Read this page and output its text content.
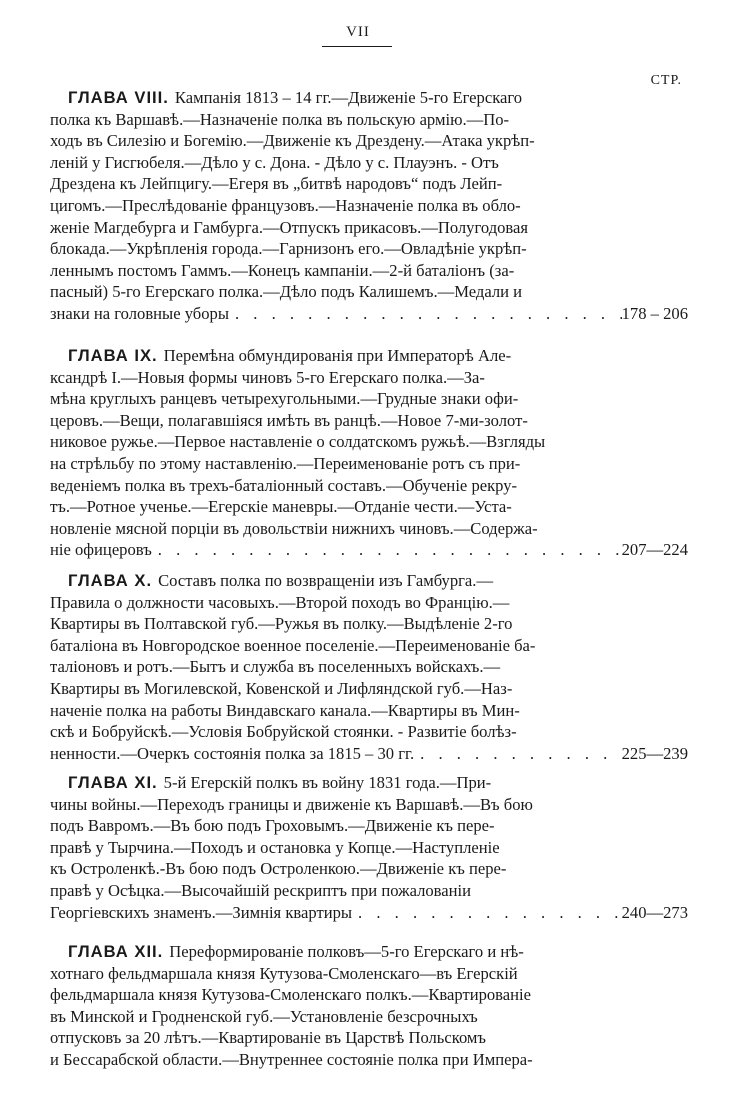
VII
СТР.
ГЛАВА VIII. Кампанія 1813 – 14 гг.—Движеніе 5-го Егерскаго
полка къ Варшавѣ.—Назначеніе полка въ польскую армію.—По-
ходъ въ Силезію и Богемію.—Движеніе къ Дрездену.—Атака укрѣп-
леній у Гисгюбеля.—Дѣло у с. Дона. - Дѣло у с. Плауэнъ. - Отъ
Дрездена къ Лейпцигу.—Егеря въ „битвѣ народовъ“ подъ Лейп-
цигомъ.—Преслѣдованіе французовъ.—Назначеніе полка въ обло-
женіе Магдебурга и Гамбурга.—Отпускъ прикасовъ.—Полугодовая
блокада.—Укрѣпленія города.—Гарнизонъ его.—Овладѣніе укрѣп-
леннымъ постомъ Гаммъ.—Конецъ кампаніи.—2-й баталіонъ (за-
пасный) 5-го Егерскаго полка.—Дѣло подъ Калишемъ.—Медали и
знаки на головные уборы . . .	178 – 206
ГЛАВА IX. Перемѣна обмундированія при Императорѣ Але-
ксандрѣ I.—Новыя формы чиновъ 5-го Егерскаго полка.—За-
мѣна круглыхъ ранцевъ четырехугольными.—Грудные знаки офи-
церовъ.—Вещи, полагавшіяся имѣть въ ранцѣ.—Новое 7-ми-золот-
никовое ружье.—Первое наставленіе о солдатскомъ ружьѣ.—Взгляды
на стрѣльбу по этому наставленію.—Переименованіе ротъ съ при-
веденіемъ полка въ трехъ-баталіонный составъ.—Обученіе рекру-
тъ.—Ротное ученье.—Егерскіе маневры.—Отданіе чести.—Уста-
новленіе мясной порціи въ довольствіи нижнихъ чиновъ.—Содержа-
ніе офицеровъ . . .	207—224
ГЛАВА X. Составъ полка по возвращеніи изъ Гамбурга.—
Правила о должности часовыхъ.—Второй походъ во Францію.—
Квартиры въ Полтавской губ.—Ружья въ полку.—Выдѣленіе 2-го
баталіона въ Новгородское военное поселеніе.—Переименованіе ба-
таліоновъ и ротъ.—Бытъ и служба въ поселенныхъ войскахъ.—
Квартиры въ Могилевской, Ковенской и Лифляндской губ.—Наз-
наченіе полка на работы Виндавскаго канала.—Квартиры въ Мин-
скѣ и Бобруйскѣ.—Условія Бобруйской стоянки. - Развитіе болѣз-
ненности.—Очеркъ состоянія полка за 1815 – 30 гг. . . .	225—239
ГЛАВА XI. 5-й Егерскій полкъ въ войну 1831 года.—При-
чины войны.—Переходъ границы и движеніе къ Варшавѣ.—Въ бою
подъ Вавромъ.—Въ бою подъ Гроховымъ.—Движеніе къ пере-
правѣ у Тырчина.—Походъ и остановка у Копце.—Наступленіе
къ Остроленкѣ.-Въ бою подъ Остроленкою.—Движеніе къ пере-
правѣ у Осѣцка.—Высочайшій рескриптъ при пожалованіи
Георгіевскихъ знаменъ.—Зимнія квартиры . . .	240—273
ГЛАВА XII. Переформированіе полковъ—5-го Егерскаго и нѣ-
хотнаго фельдмаршала князя Кутузова-Смоленскаго—въ Егерскій
фельдмаршала князя Кутузова-Смоленскаго полкъ.—Квартированіе
въ Минской и Гродненской губ.—Установленіе безсрочныхъ
отпусковъ за 20 лѣтъ.—Квартированіе въ Царствѣ Польскомъ
и Бессарабской области.—Внутреннее состояніе полка при Импера-
